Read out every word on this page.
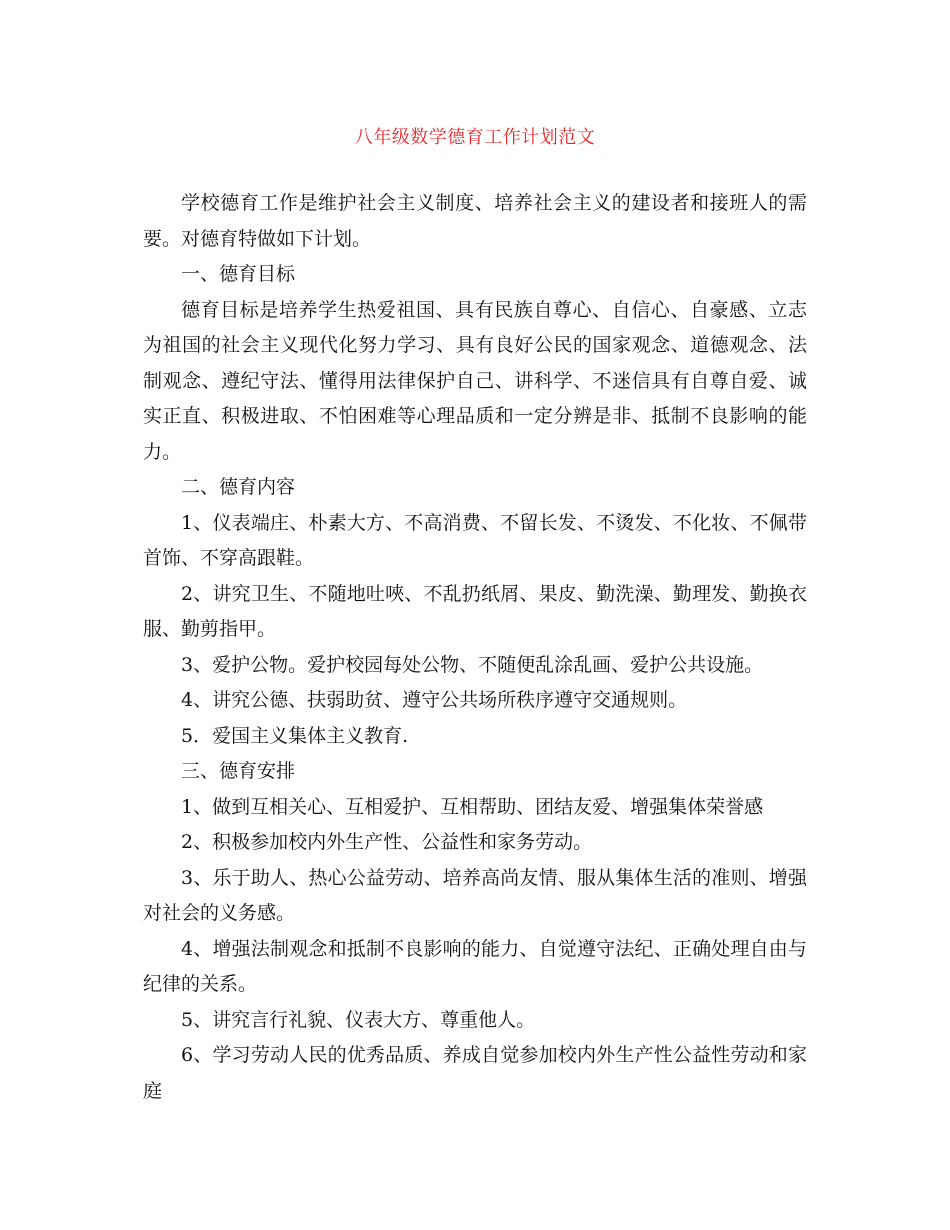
八年级数学德育工作计划范文

学校德育工作是维护社会主义制度、培养社会主义的建设者和接班人的需要。对德育特做如下计划。

一、德育目标

德育目标是培养学生热爱祖国、具有民族自尊心、自信心、自豪感、立志为祖国的社会主义现代化努力学习、具有良好公民的国家观念、道德观念、法制观念、遵纪守法、懂得用法律保护自己、讲科学、不迷信具有自尊自爱、诚实正直、积极进取、不怕困难等心理品质和一定分辨是非、抵制不良影响的能力。

二、德育内容

1、仪表端庄、朴素大方、不高消费、不留长发、不烫发、不化妆、不佩带首饰、不穿高跟鞋。

2、讲究卫生、不随地吐唊、不乱扔纸屑、果皮、勤洗澡、勤理发、勤换衣服、勤剪指甲。

3、爱护公物。爱护校园每处公物、不随便乱涂乱画、爱护公共设施。

4、讲究公德、扶弱助贫、遵守公共场所秩序遵守交通规则。

5．爱国主义集体主义教育.

三、德育安排

1、做到互相关心、互相爱护、互相帮助、团结友爱、增强集体荣誉感

2、积极参加校内外生产性、公益性和家务劳动。

3、乐于助人、热心公益劳动、培养高尚友情、服从集体生活的准则、增强对社会的义务感。

4、增强法制观念和抵制不良影响的能力、自觉遵守法纪、正确处理自由与纪律的关系。

5、讲究言行礼貌、仪表大方、尊重他人。

6、学习劳动人民的优秀品质、养成自觉参加校内外生产性公益性劳动和家庭
